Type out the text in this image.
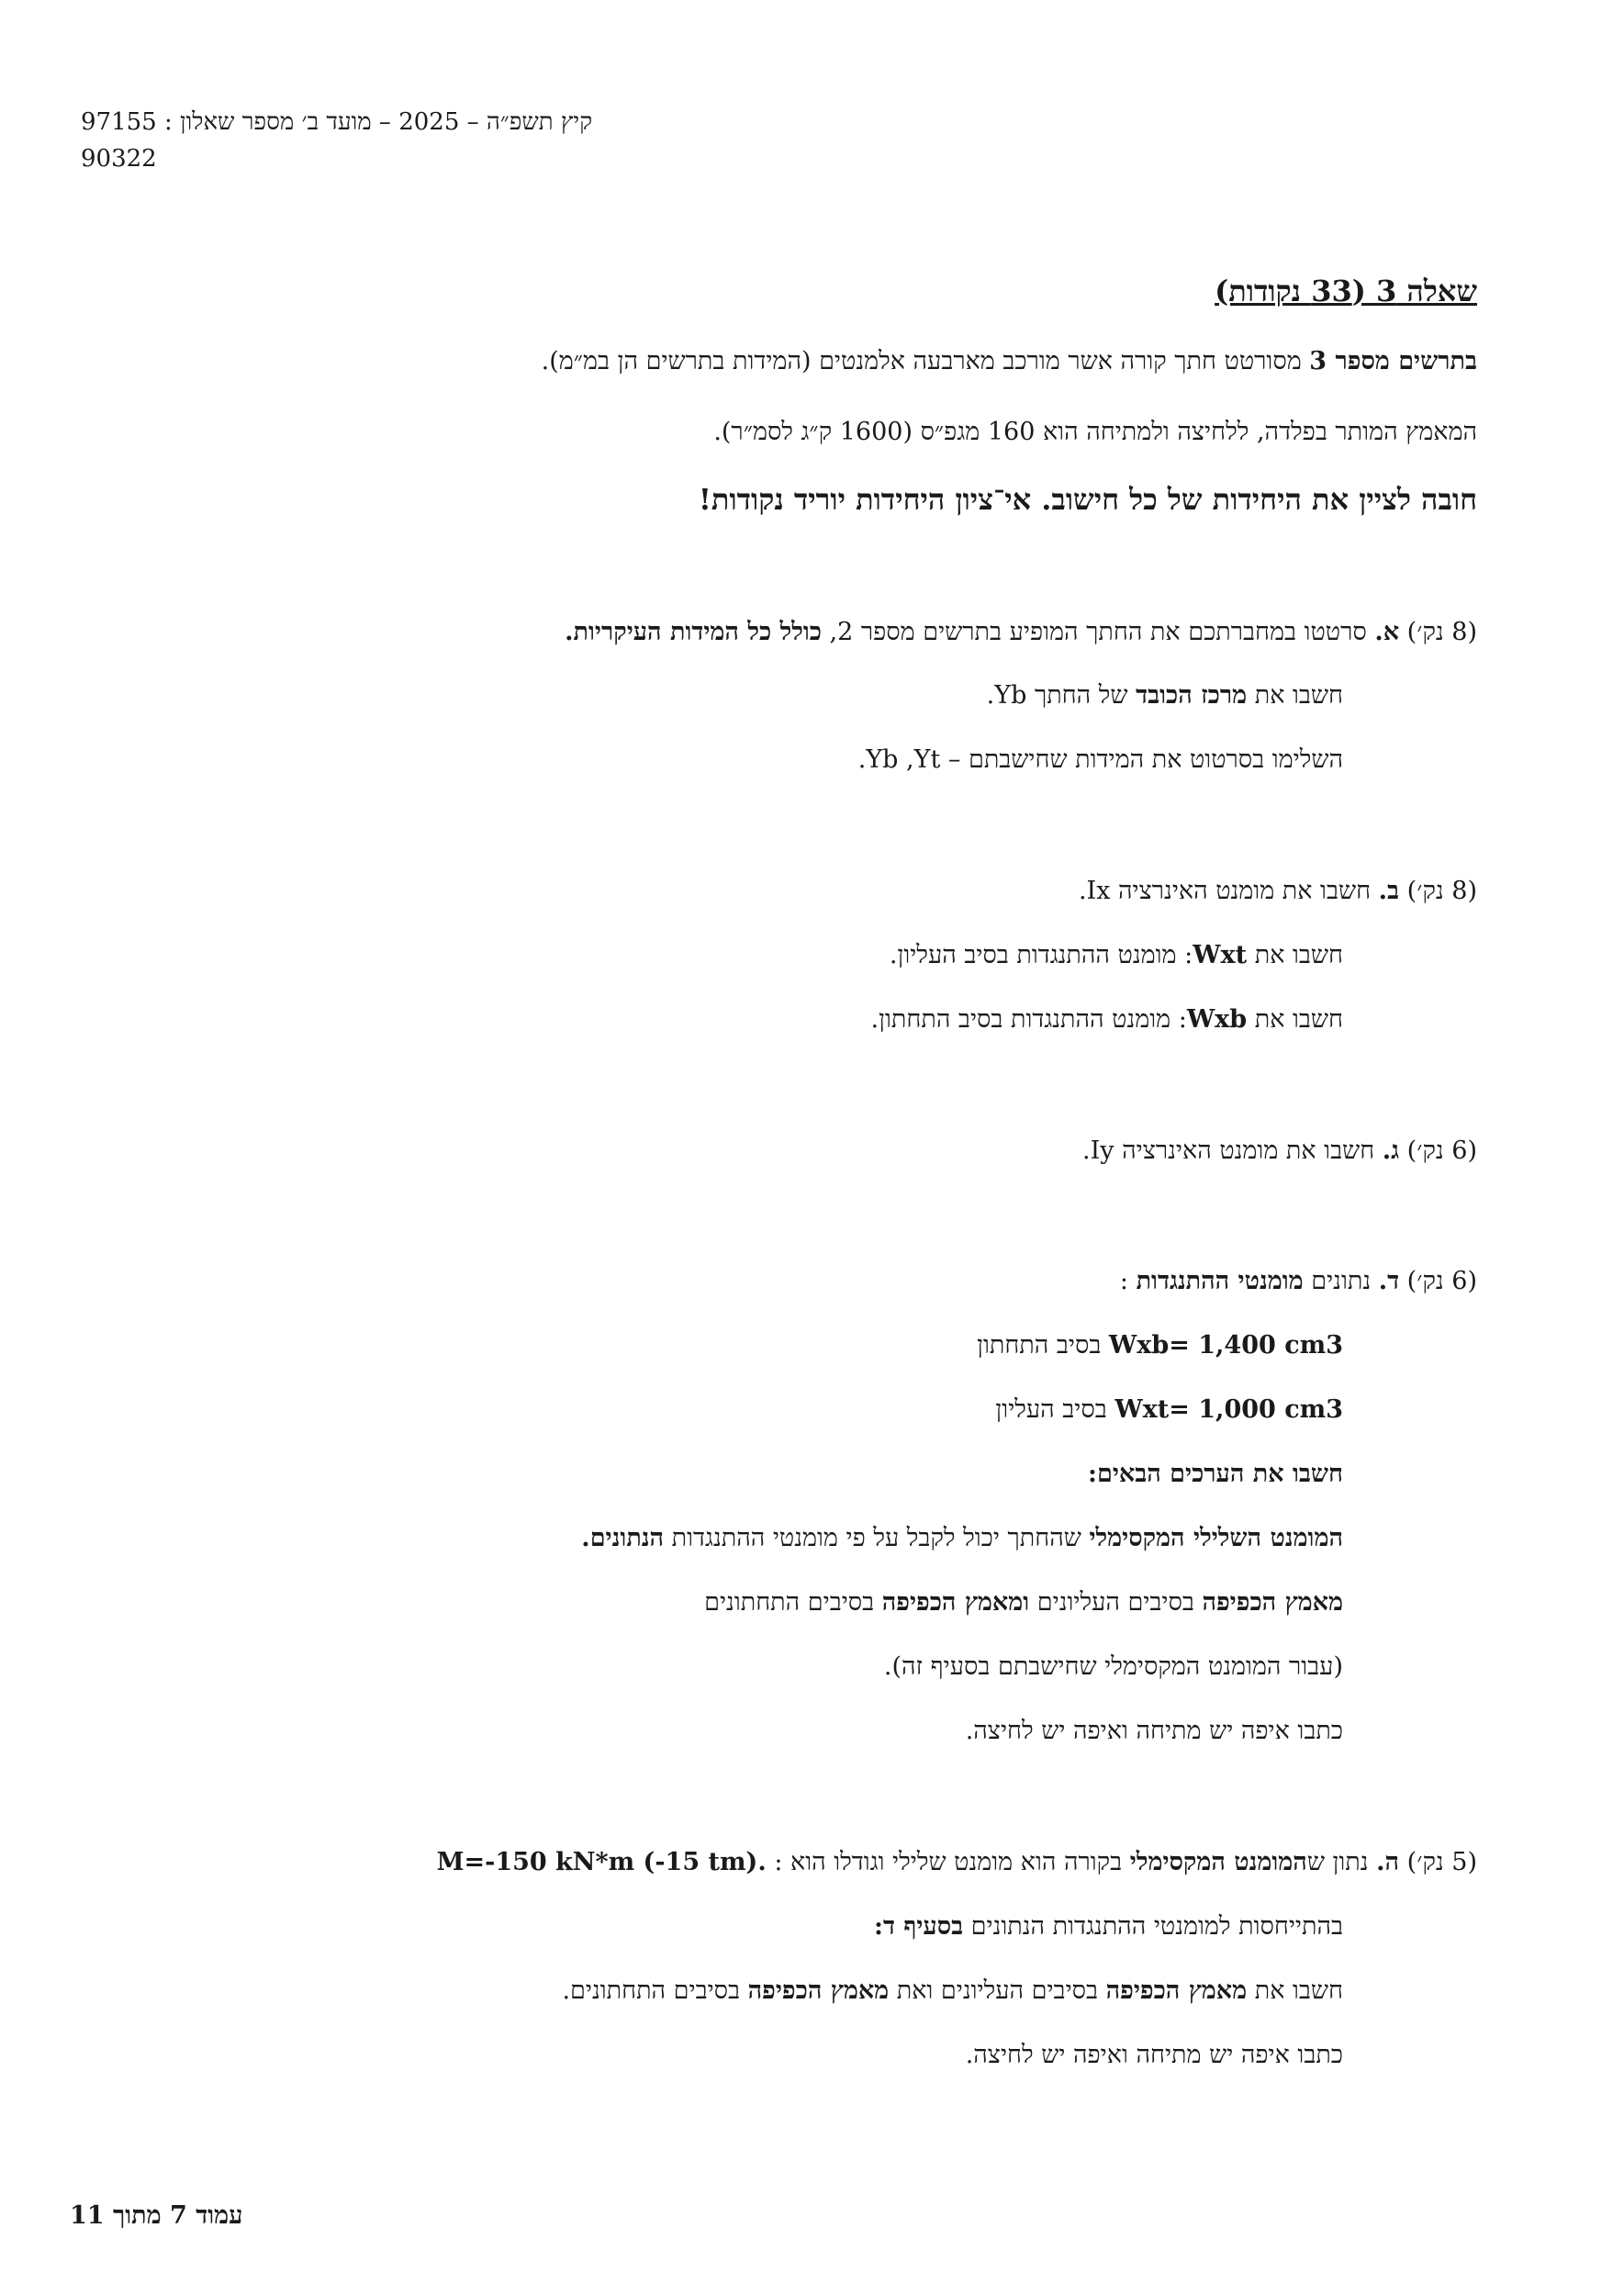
קיץ תשפ״ה – 2025 – מועד ב׳ מספר שאלון : 97155
90322
שאלה 3 (33 נקודות)
בתרשים מספר 3 מסורטט חתך קורה אשר מורכב מארבעה אלמנטים (המידות בתרשים הן במ״מ).
המאמץ המותר בפלדה, ללחיצה ולמתיחה הוא 160 מגפ״ס (1600 ק״ג לסמ״ר).
חובה לציין את היחידות של כל חישוב. אי־ציון היחידות יוריד נקודות!
(8 נק׳) א. סרטטו במחברתכם את החתך המופיע בתרשים מספר 2, כולל כל המידות העיקריות.
חשבו את מרכז הכובד של החתך Yb.
השלימו בסרטוט את המידות שחישבתם – Yb ,Yt.
(8 נק׳) ב. חשבו את מומנט האינרציה Ix.
חשבו את Wxt: מומנט ההתנגדות בסיב העליון.
חשבו את Wxb: מומנט ההתנגדות בסיב התחתון.
(6 נק׳) ג. חשבו את מומנט האינרציה Iy.
(6 נק׳) ד. נתונים מומנטי ההתנגדות :
Wxb= 1,400 cm3 בסיב התחתון
Wxt= 1,000 cm3 בסיב העליון
חשבו את הערכים הבאים:
המומנט השלילי המקסימלי שהחתך יכול לקבל על פי מומנטי ההתנגדות הנתונים.
מאמץ הכפיפה בסיבים העליונים ומאמץ הכפיפה בסיבים התחתונים
(עבור המומנט המקסימלי שחישבתם בסעיף זה).
כתבו איפה יש מתיחה ואיפה יש לחיצה.
(5 נק׳) ה. נתון שהמומנט המקסימלי בקורה הוא מומנט שלילי וגודלו הוא : M=-150 kN*m (-15 tm).
בהתייחסות למומנטי ההתנגדות הנתונים בסעיף ד:
חשבו את מאמץ הכפיפה בסיבים העליונים ואת מאמץ הכפיפה בסיבים התחתונים.
כתבו איפה יש מתיחה ואיפה יש לחיצה.
עמוד 7 מתוך 11
